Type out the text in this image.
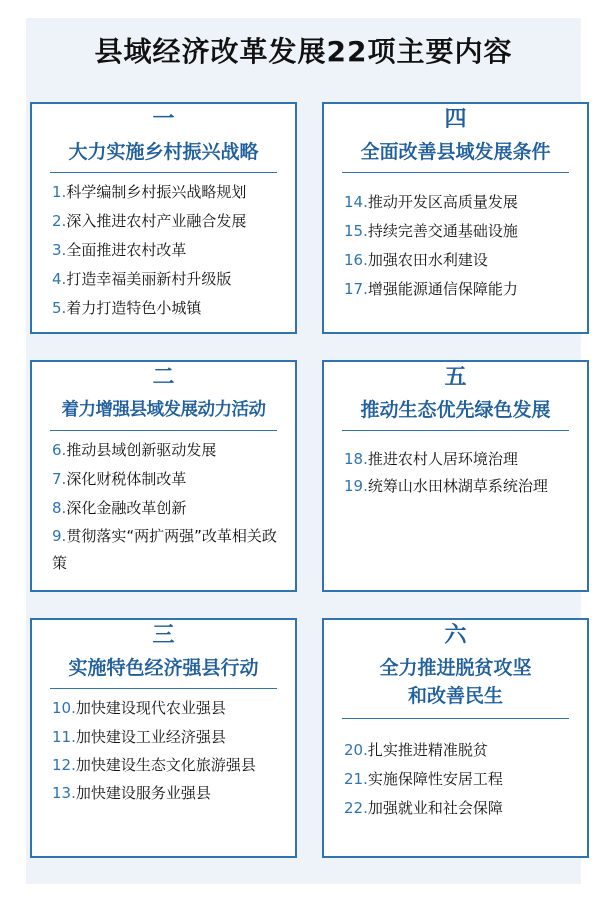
县域经济改革发展22项主要内容
一
大力实施乡村振兴战略
1.科学编制乡村振兴战略规划
2.深入推进农村产业融合发展
3.全面推进农村改革
4.打造幸福美丽新村升级版
5.着力打造特色小城镇
四
全面改善县域发展条件
14.推动开发区高质量发展
15.持续完善交通基础设施
16.加强农田水利建设
17.增强能源通信保障能力
二
着力增强县域发展动力活动
6.推动县域创新驱动发展
7.深化财税体制改革
8.深化金融改革创新
9.贯彻落实“两扩两强”改革相关政策
五
推动生态优先绿色发展
18.推进农村人居环境治理
19.统筹山水田林湖草系统治理
三
实施特色经济强县行动
10.加快建设现代农业强县
11.加快建设工业经济强县
12.加快建设生态文化旅游强县
13.加快建设服务业强县
六
全力推进脱贫攻坚
和改善民生
20.扎实推进精准脱贫
21.实施保障性安居工程
22.加强就业和社会保障
